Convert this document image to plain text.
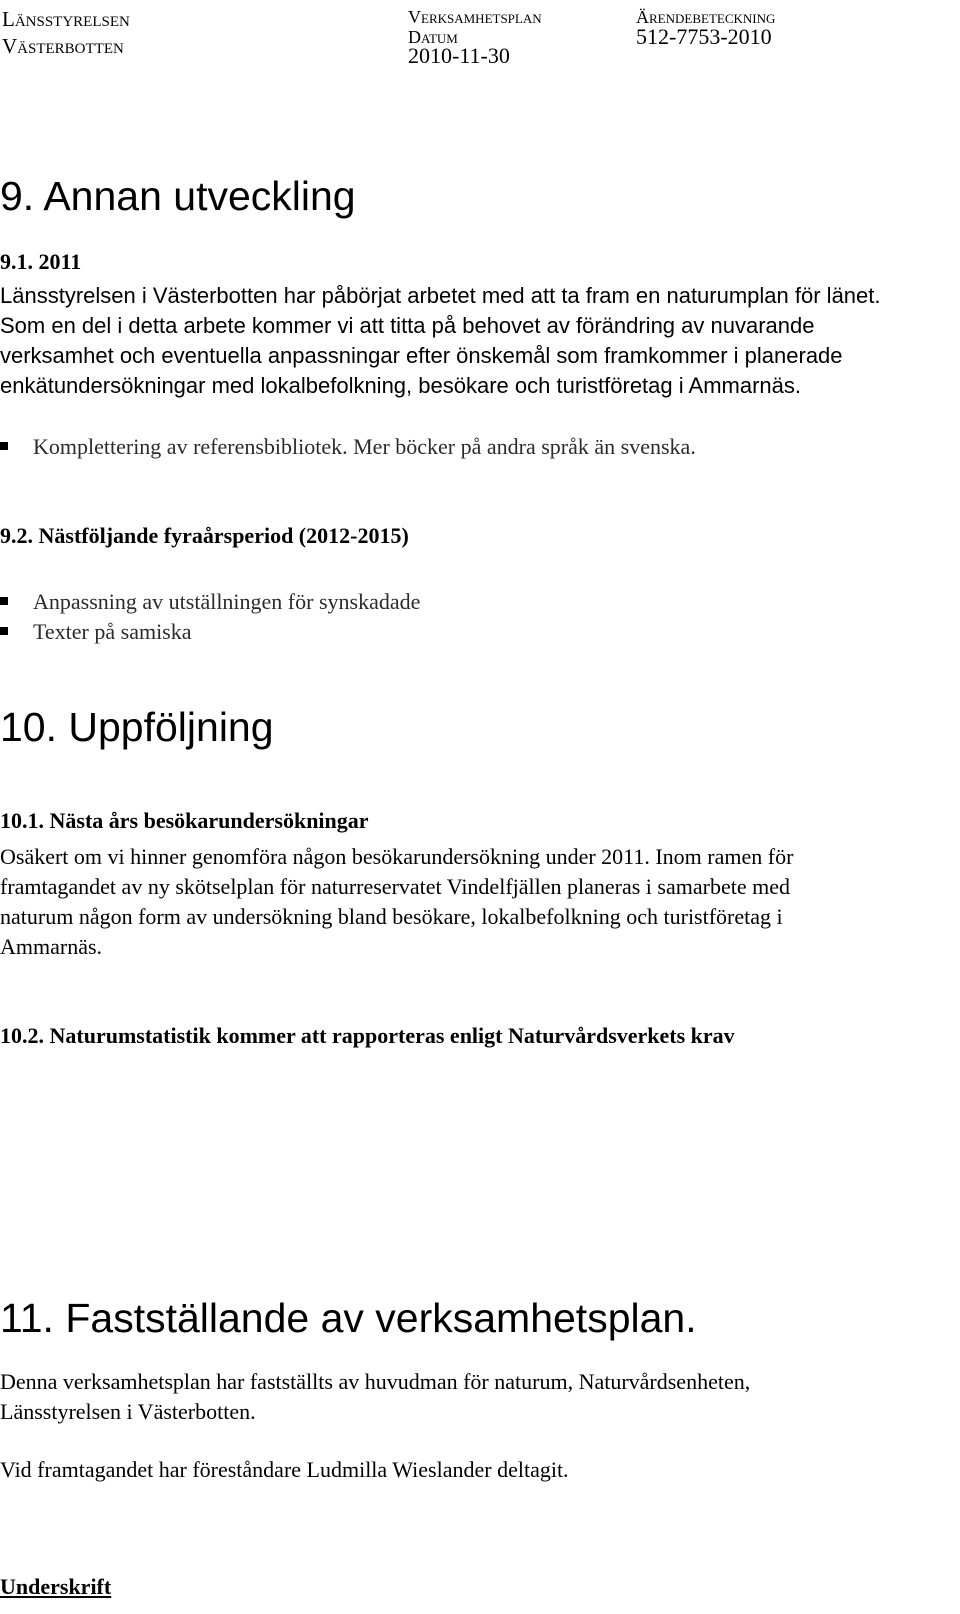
Länsstyrelsen
Västerbotten
Verksamhetsplan
Datum
2010-11-30
Ärendebeteckning
512-7753-2010
9. Annan utveckling
9.1. 2011
Länsstyrelsen i Västerbotten har påbörjat arbetet med att ta fram en naturumplan för länet.
Som en del i detta arbete kommer vi att titta på behovet av förändring av nuvarande
verksamhet och eventuella anpassningar efter önskemål som framkommer i planerade
enkätundersökningar med lokalbefolkning, besökare och turistföretag i Ammarnäs.
Komplettering av referensbibliotek. Mer böcker på andra språk än svenska.
9.2. Nästföljande fyraårsperiod (2012-2015)
Anpassning av utställningen för synskadade
Texter på samiska
10. Uppföljning
10.1. Nästa års besökarundersökningar
Osäkert om vi hinner genomföra någon besökarundersökning under 2011. Inom ramen för
framtagandet av ny skötselplan för naturreservatet Vindelfjällen planeras i samarbete med
naturum någon form av undersökning bland besökare, lokalbefolkning och turistföretag i
Ammarnäs.
10.2. Naturumstatistik kommer att rapporteras enligt Naturvårdsverkets krav
11. Fastställande av verksamhetsplan.
Denna verksamhetsplan har fastställts av huvudman för naturum, Naturvårdsenheten,
Länsstyrelsen i Västerbotten.
Vid framtagandet har föreståndare Ludmilla Wieslander deltagit.
Underskrift
